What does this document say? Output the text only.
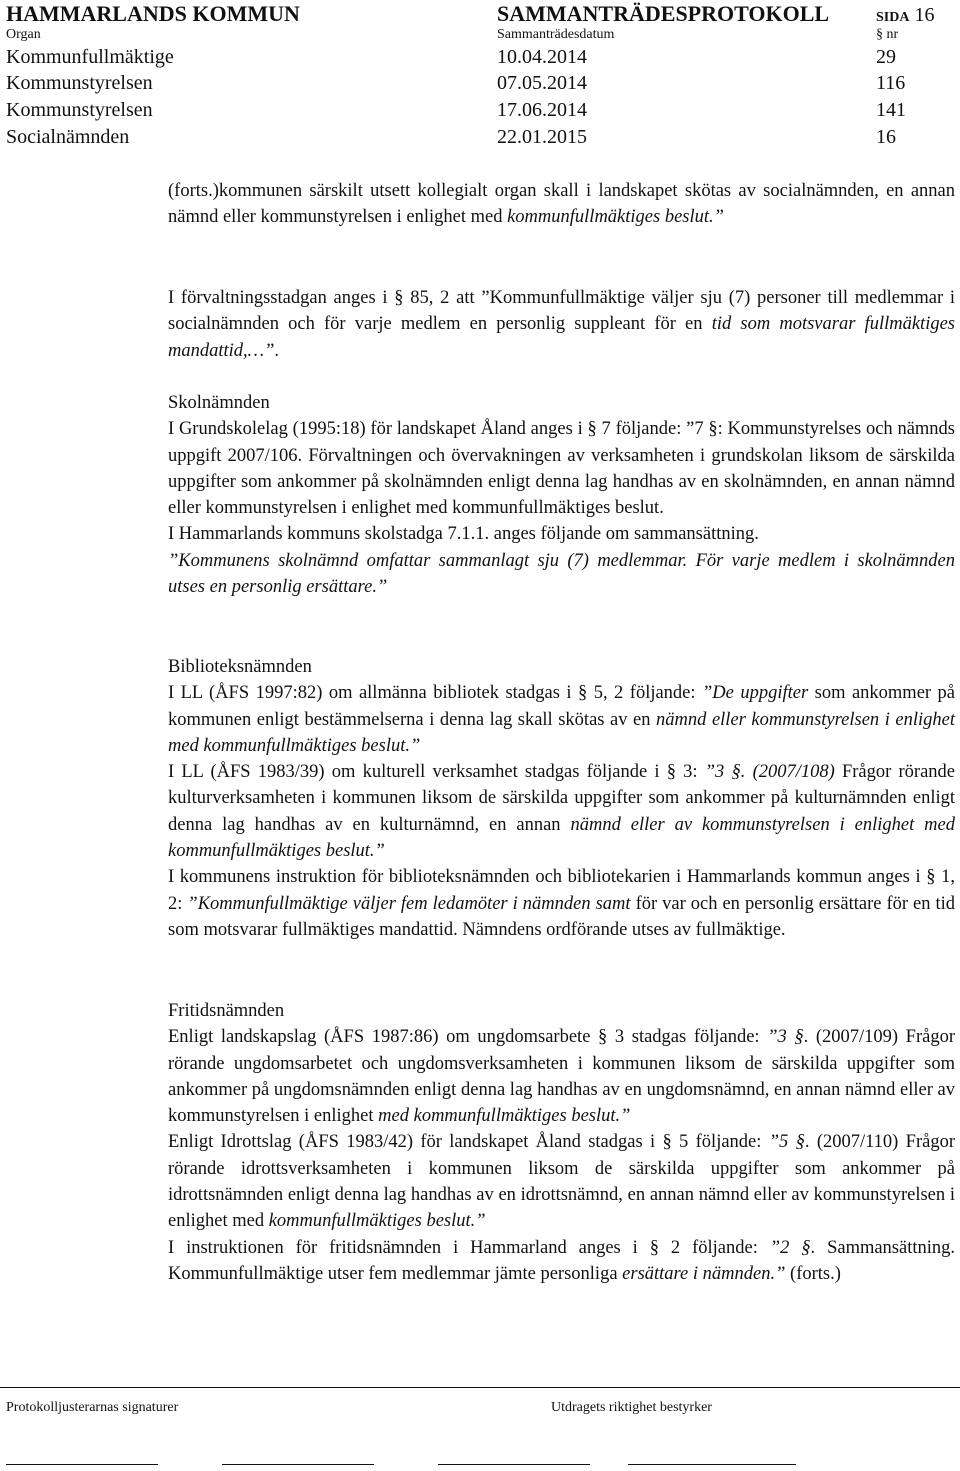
HAMMARLANDS KOMMUN	SAMMANTRÄDESPROTOKOLL	SIDA 16
Organ	Sammanträdesdatum	§ nr
Kommunfullmäktige	10.04.2014	29
Kommunstyrelsen	07.05.2014	116
Kommunstyrelsen	17.06.2014	141
Socialnämnden	22.01.2015	16

(forts.)kommunen särskilt utsett kollegialt organ skall i landskapet skötas av socialnämnden, en annan nämnd eller kommunstyrelsen i enlighet med kommunfullmäktiges beslut.”

I förvaltningsstadgan anges i § 85, 2 att ”Kommunfullmäktige väljer sju (7) personer till medlemmar i socialnämnden och för varje medlem en personlig suppleant för en tid som motsvarar fullmäktiges mandattid,…”.

Skolnämnden

I Grundskolelag (1995:18) för landskapet Åland anges i § 7 följande: ”7 §: Kommunstyrelses och nämnds uppgift 2007/106. Förvaltningen och övervakningen av verksamheten i grundskolan liksom de särskilda uppgifter som ankommer på skolnämnden enligt denna lag handhas av en skolnämnden, en annan nämnd eller kommunstyrelsen i enlighet med kommunfullmäktiges beslut.

I Hammarlands kommuns skolstadga 7.1.1. anges följande om sammansättning.

”Kommunens skolnämnd omfattar sammanlagt sju (7) medlemmar. För varje medlem i skolnämnden utses en personlig ersättare.”

Biblioteksnämnden

I LL (ÅFS 1997:82) om allmänna bibliotek stadgas i § 5, 2 följande: ”De uppgifter som ankommer på kommunen enligt bestämmelserna i denna lag skall skötas av en nämnd eller kommunstyrelsen i enlighet med kommunfullmäktiges beslut.”

I LL (ÅFS 1983/39) om kulturell verksamhet stadgas följande i § 3: ”3 §. (2007/108) Frågor rörande kulturverksamheten i kommunen liksom de särskilda uppgifter som ankommer på kulturnämnden enligt denna lag handhas av en kulturnämnd, en annan nämnd eller av kommunstyrelsen i enlighet med kommunfullmäktiges beslut.”

I kommunens instruktion för biblioteksnämnden och bibliotekarien i Hammarlands kommun anges i § 1, 2: ”Kommunfullmäktige väljer fem ledamöter i nämnden samt för var och en personlig ersättare för en tid som motsvarar fullmäktiges mandattid. Nämndens ordförande utses av fullmäktige.

Fritidsnämnden

Enligt landskapslag (ÅFS 1987:86) om ungdomsarbete § 3 stadgas följande: ”3 §. (2007/109) Frågor rörande ungdomsarbetet och ungdomsverksamheten i kommunen liksom de särskilda uppgifter som ankommer på ungdomsnämnden enligt denna lag handhas av en ungdomsnämnd, en annan nämnd eller av kommunstyrelsen i enlighet med kommunfullmäktiges beslut.”

Enligt Idrottslag (ÅFS 1983/42) för landskapet Åland stadgas i § 5 följande: ”5 §. (2007/110) Frågor rörande idrottsverksamheten i kommunen liksom de särskilda uppgifter som ankommer på idrottsnämnden enligt denna lag handhas av en idrottsnämnd, en annan nämnd eller av kommunstyrelsen i enlighet med kommunfullmäktiges beslut.”

I instruktionen för fritidsnämnden i Hammarland anges i § 2 följande: ”2 §. Sammansättning. Kommunfullmäktige utser fem medlemmar jämte personliga ersättare i nämnden.” (forts.)

Protokolljusterarnas signaturer	Utdragets riktighet bestyrker
